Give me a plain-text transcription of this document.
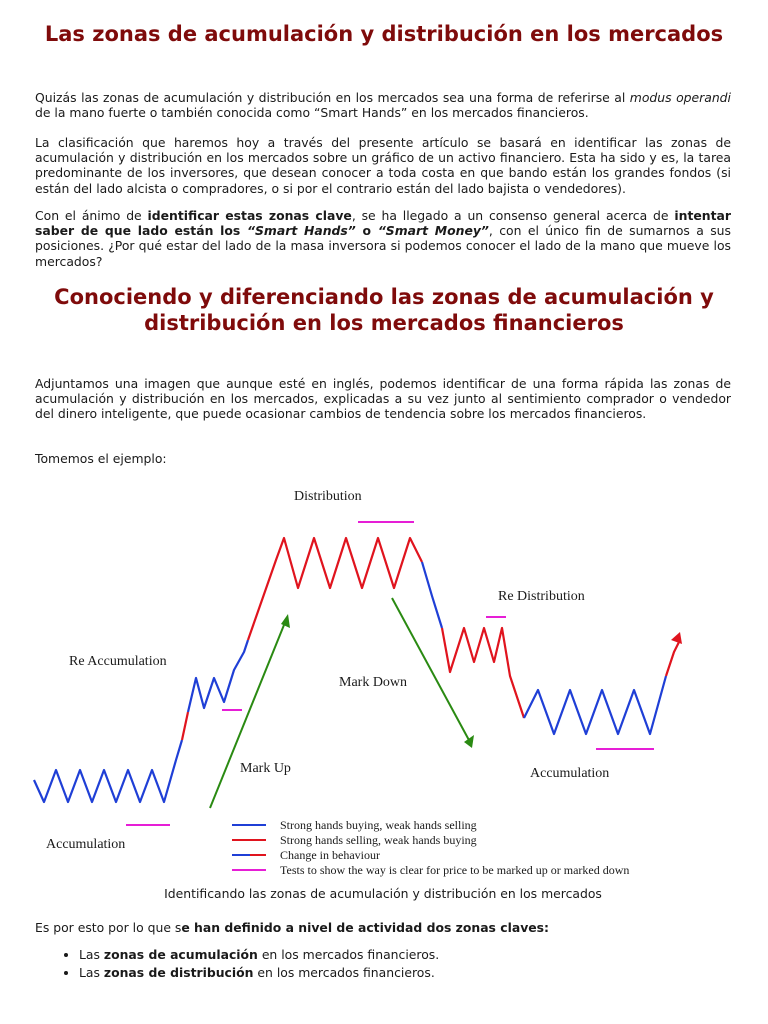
Las zonas de acumulación y distribución en los mercados
Quizás las zonas de acumulación y distribución en los mercados sea una forma de referirse al modus operandi de la mano fuerte o también conocida como “Smart Hands” en los mercados financieros.
La clasificación que haremos hoy a través del presente artículo se basará en identificar las zonas de acumulación y distribución en los mercados sobre un gráfico de un activo financiero. Esta ha sido y es, la tarea predominante de los inversores, que desean conocer a toda costa en que bando están los grandes fondos (si están del lado alcista o compradores, o si por el contrario están del lado bajista o vendedores).
Con el ánimo de identificar estas zonas clave, se ha llegado a un consenso general acerca de intentar saber de que lado están los “Smart Hands” o “Smart Money”, con el único fin de sumarnos a sus posiciones. ¿Por qué estar del lado de la masa inversora si podemos conocer el lado de la mano que mueve los mercados?
Conociendo y diferenciando las zonas de acumulación y distribución en los mercados financieros
Adjuntamos una imagen que aunque esté en inglés, podemos identificar de una forma rápida las zonas de acumulación y distribución en los mercados, explicadas a su vez junto al sentimiento comprador o vendedor del dinero inteligente, que puede ocasionar cambios de tendencia sobre los mercados financieros.
Tomemos el ejemplo:
Distribution
Re Distribution
Re Accumulation
Mark Down
Mark Up
Accumulation
Accumulation
Strong hands buying, weak hands selling
Strong hands selling, weak hands buying
Change in behaviour
Tests to show the way is clear for price to be marked up or marked down
Identificando las zonas de acumulación y distribución en los mercados
Es por esto por lo que se han definido a nivel de actividad dos zonas claves:
• Las zonas de acumulación en los mercados financieros.
• Las zonas de distribución en los mercados financieros.
